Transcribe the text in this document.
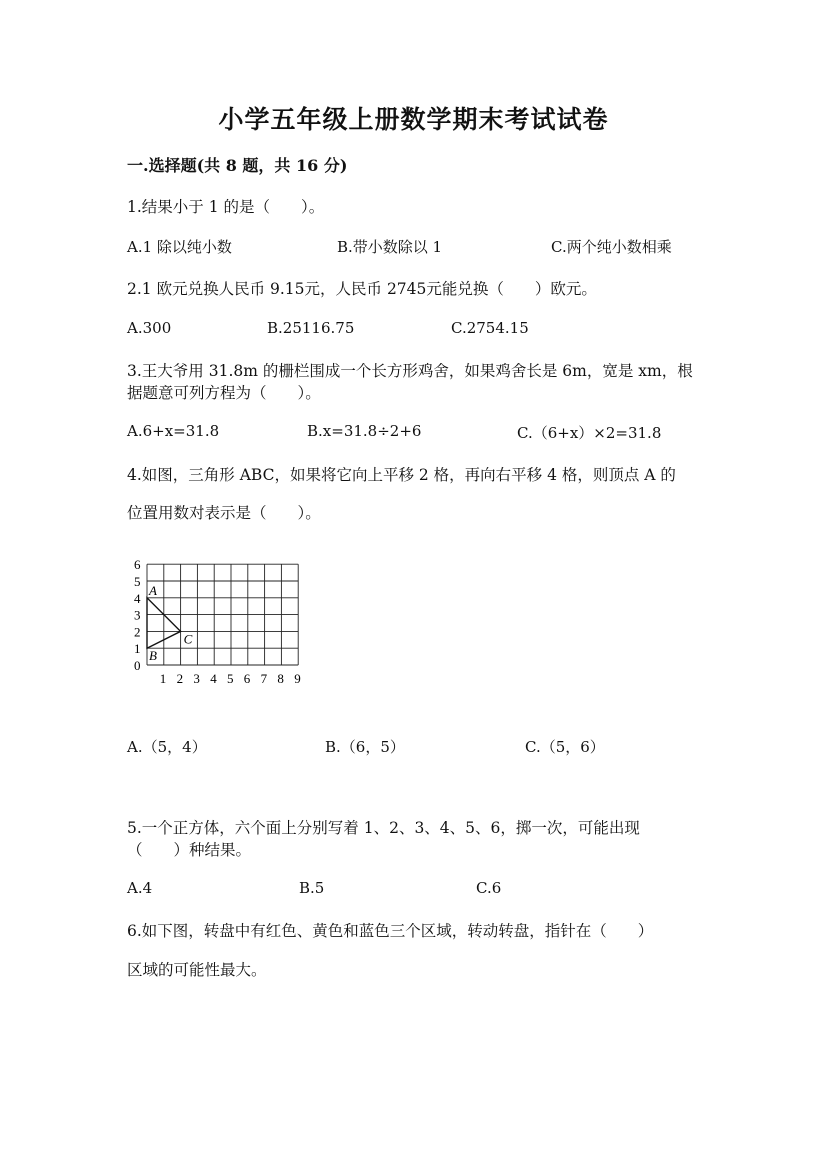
小学五年级上册数学期末考试试卷
一.选择题(共 8 题，共 16 分)
1.结果小于 1 的是（　　）。
A.1 除以纯小数	B.带小数除以 1	C.两个纯小数相乘
2.1 欧元兑换人民币 9.15元，人民币 2745元能兑换（　　）欧元。
A.300	B.25116.75	C.2754.15
3.王大爷用 31.8m 的栅栏围成一个长方形鸡舍，如果鸡舍长是 6m，宽是 xm，根
据题意可列方程为（　　）。
A.6+x=31.8	B.x=31.8÷2+6	C.（6+x）×2=31.8
4.如图，三角形 ABC，如果将它向上平移 2 格，再向右平移 4 格，则顶点 A 的
位置用数对表示是（　　）。
1 2 3 4 5 6 7 8 9
0
1
2
3
4
5
6
A
B
C
A.（5，4）	B.（6，5）	C.（5，6）
5.一个正方体，六个面上分别写着 1、2、3、4、5、6，掷一次，可能出现
（　　）种结果。
A.4	B.5	C.6
6.如下图，转盘中有红色、黄色和蓝色三个区域，转动转盘，指针在（　　）
区域的可能性最大。
